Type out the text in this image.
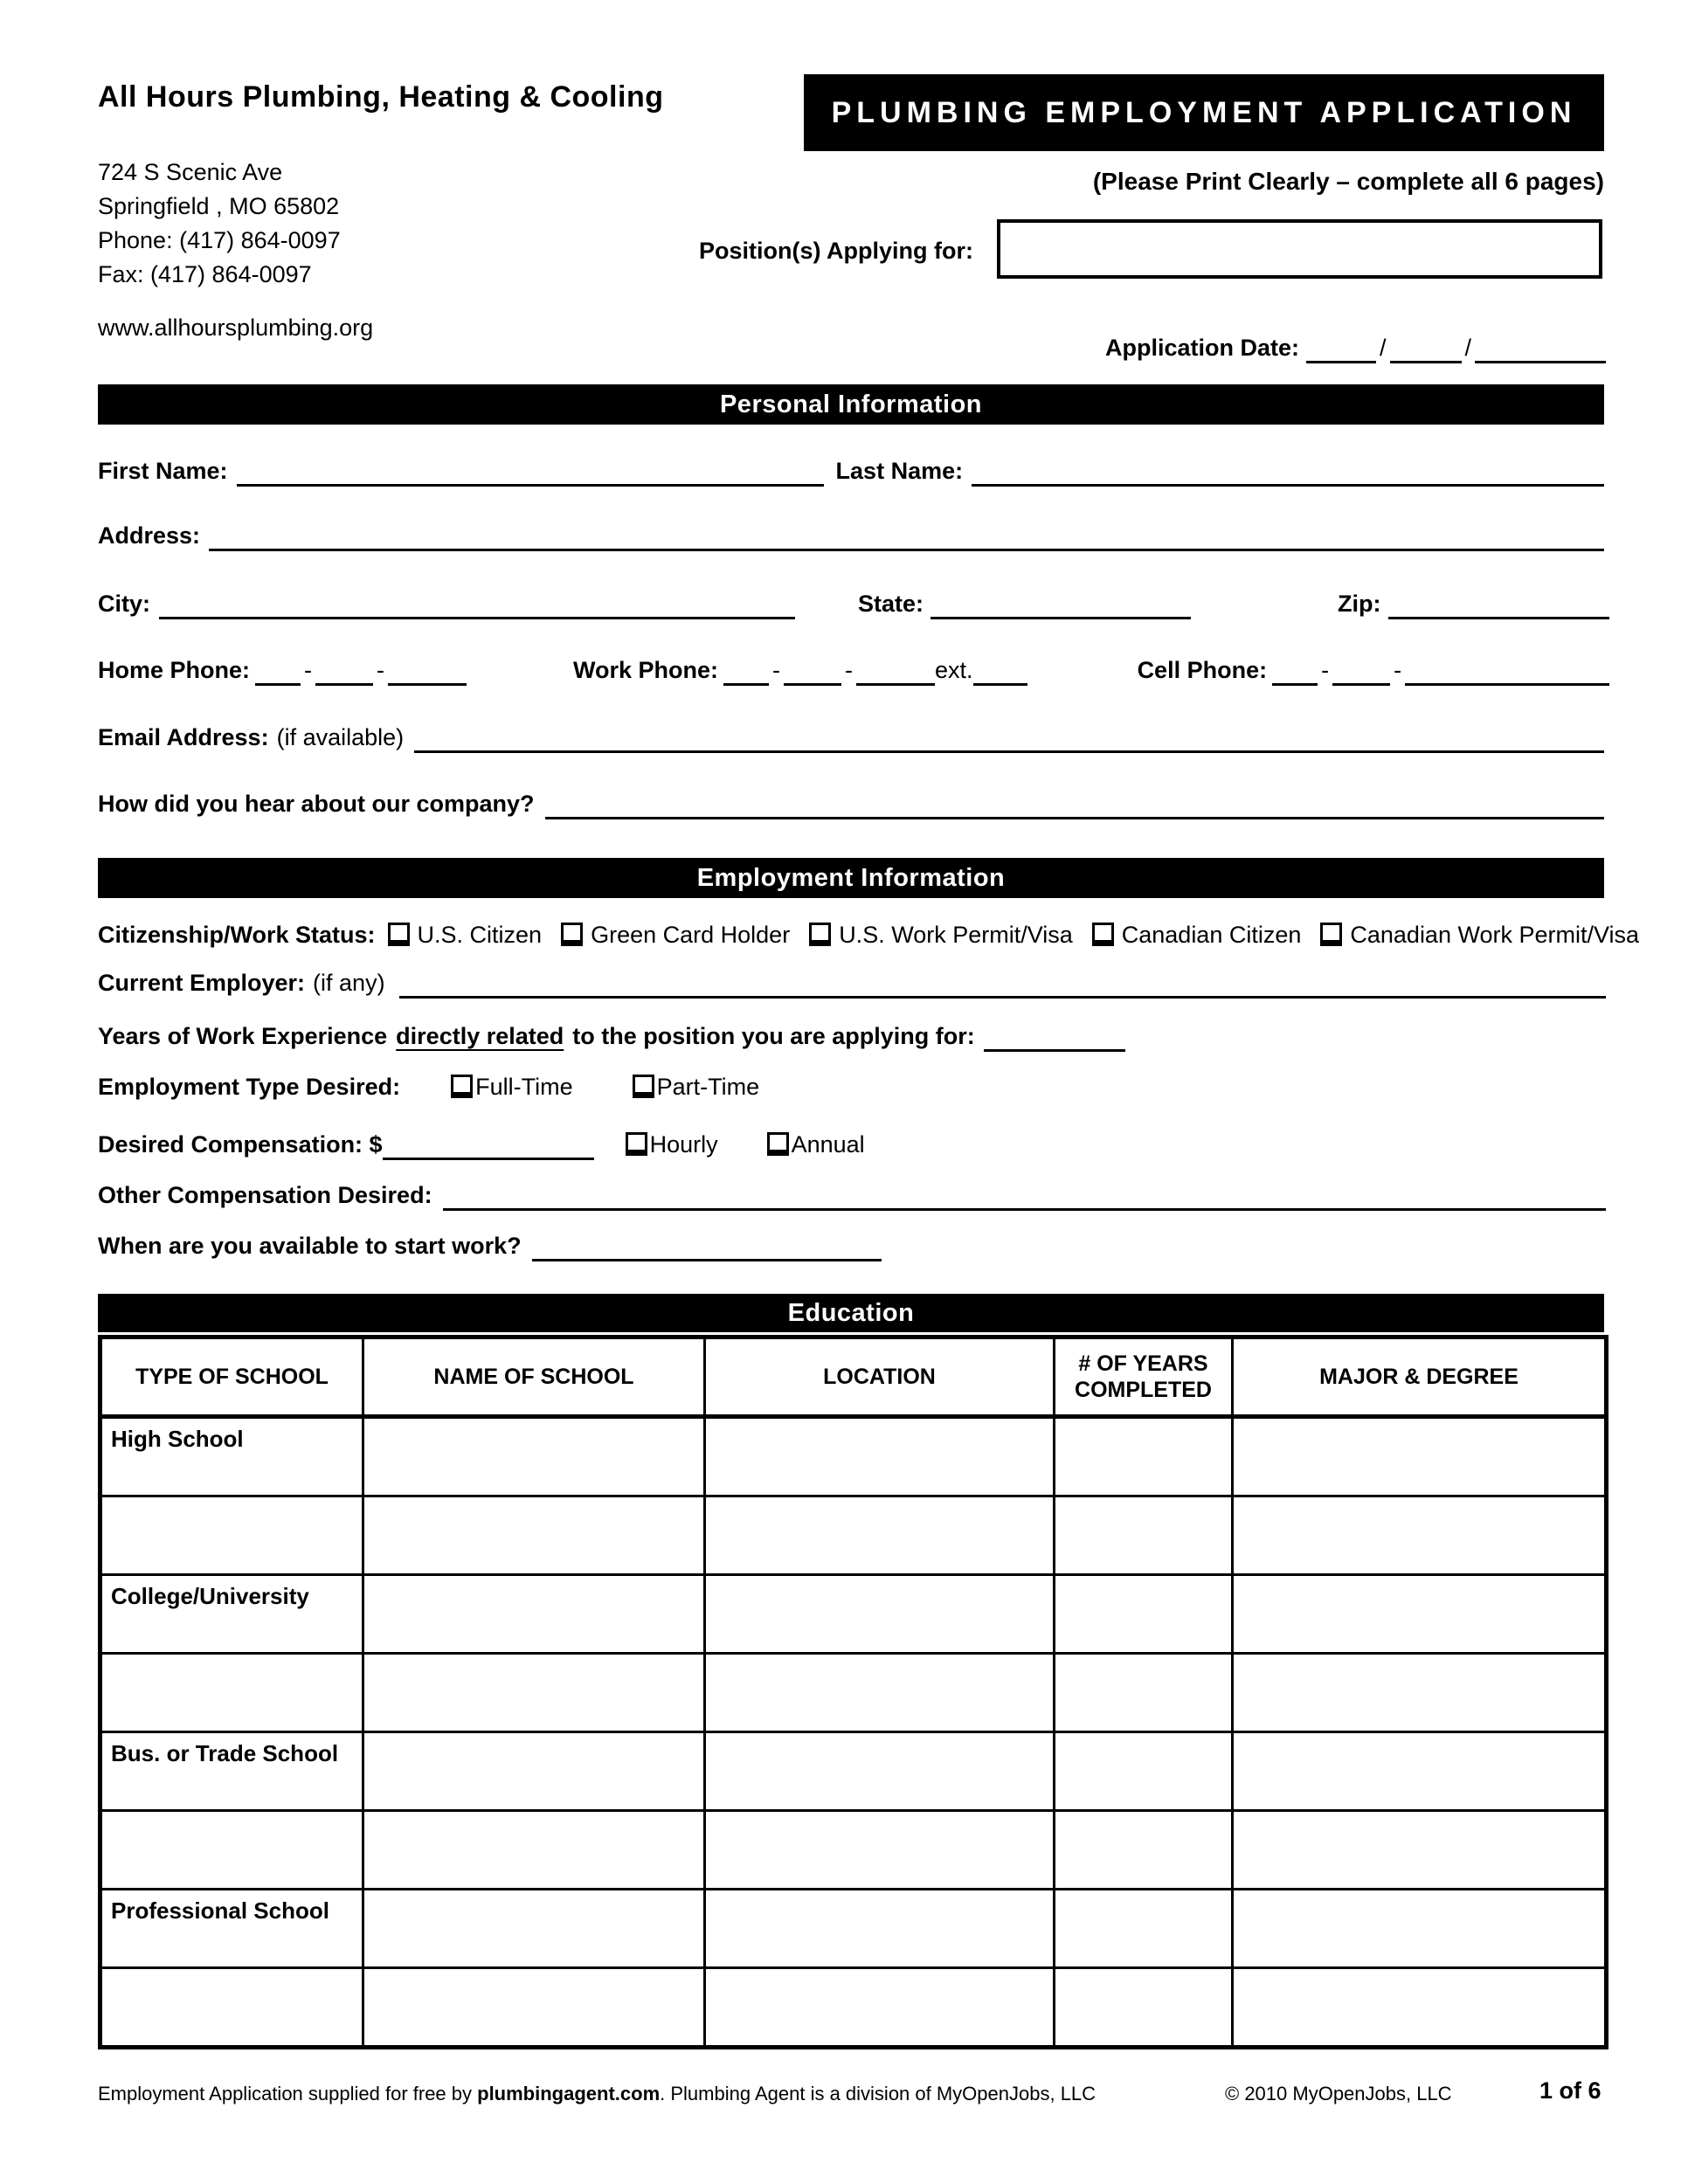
All Hours Plumbing, Heating & Cooling	PLUMBING EMPLOYMENT APPLICATION
724 S Scenic Ave
Springfield , MO 65802
Phone: (417) 864-0097
Fax: (417) 864-0097
(Please Print Clearly – complete all 6 pages)
Position(s) Applying for:
www.allhoursplumbing.org
Application Date:	/	/
Personal Information
First Name:	Last Name:
Address:
City:	State:	Zip:
Home Phone: -	-	Work Phone: -	-	ext.	Cell Phone: -	-
Email Address: (if available)
How did you hear about our company?
Employment Information
Citizenship/Work Status: U.S. Citizen Green Card Holder U.S. Work Permit/Visa Canadian Citizen Canadian Work Permit/Visa
Current Employer: (if any)
Years of Work Experience directly related to the position you are applying for:
Employment Type Desired:	Full-Time	Part-Time
Desired Compensation: $	Hourly	Annual
Other Compensation Desired:
When are you available to start work?
Education
TYPE OF SCHOOL	NAME OF SCHOOL	LOCATION	# OF YEARS COMPLETED	MAJOR & DEGREE
High School				

College/University				

Bus. or Trade School				

Professional School				

Employment Application supplied for free by plumbingagent.com. Plumbing Agent is a division of MyOpenJobs, LLC	© 2010 MyOpenJobs, LLC	1 of 6
